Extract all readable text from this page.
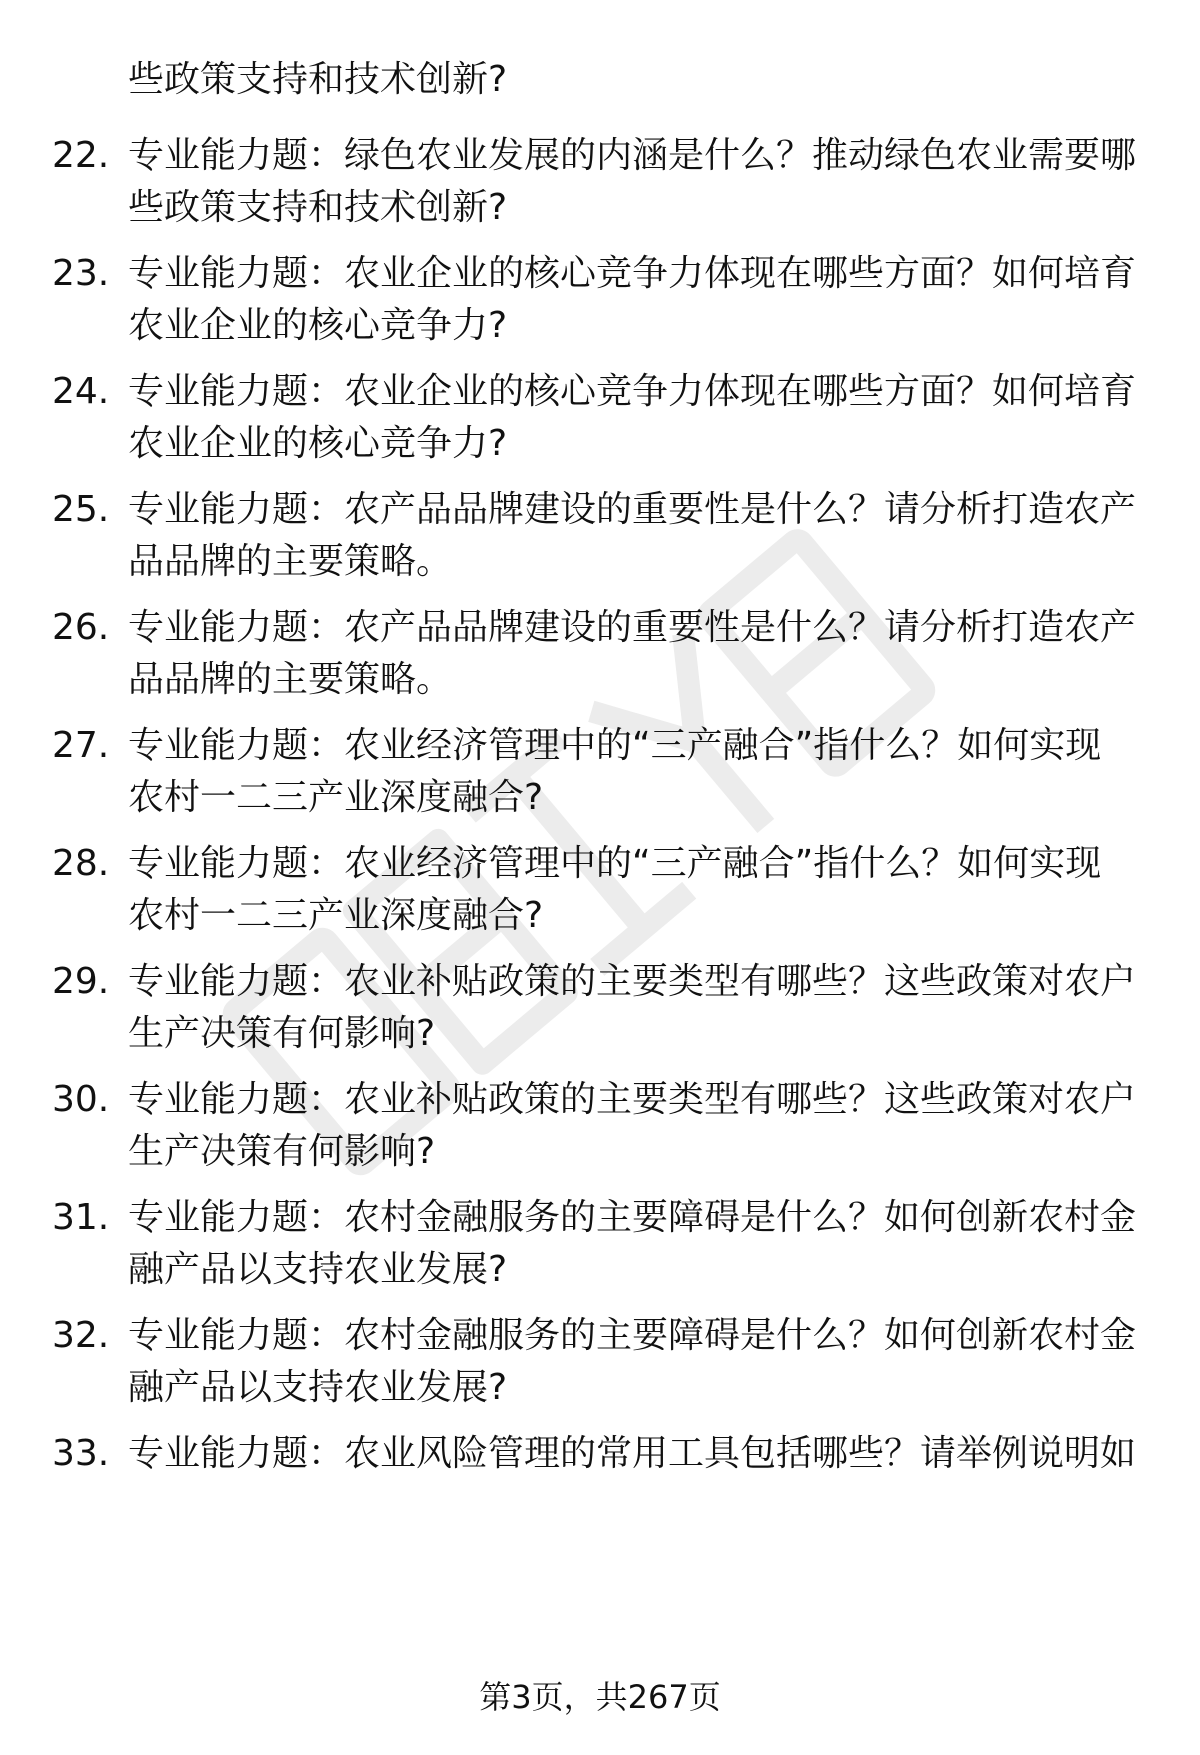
些政策支持和技术创新?
22. 专业能力题：绿色农业发展的内涵是什么？推动绿色农业需要哪
些政策支持和技术创新?
23. 专业能力题：农业企业的核心竞争力体现在哪些方面？如何培育
农业企业的核心竞争力?
24. 专业能力题：农业企业的核心竞争力体现在哪些方面？如何培育
农业企业的核心竞争力?
25. 专业能力题：农产品品牌建设的重要性是什么？请分析打造农产
品品牌的主要策略。
26. 专业能力题：农产品品牌建设的重要性是什么？请分析打造农产
品品牌的主要策略。
27. 专业能力题：农业经济管理中的“三产融合”指什么？如何实现
农村一二三产业深度融合?
28. 专业能力题：农业经济管理中的“三产融合”指什么？如何实现
农村一二三产业深度融合?
29. 专业能力题：农业补贴政策的主要类型有哪些？这些政策对农户
生产决策有何影响?
30. 专业能力题：农业补贴政策的主要类型有哪些？这些政策对农户
生产决策有何影响?
31. 专业能力题：农村金融服务的主要障碍是什么？如何创新农村金
融产品以支持农业发展?
32. 专业能力题：农村金融服务的主要障碍是什么？如何创新农村金
融产品以支持农业发展?
33. 专业能力题：农业风险管理的常用工具包括哪些？请举例说明如
第3页，共267页
